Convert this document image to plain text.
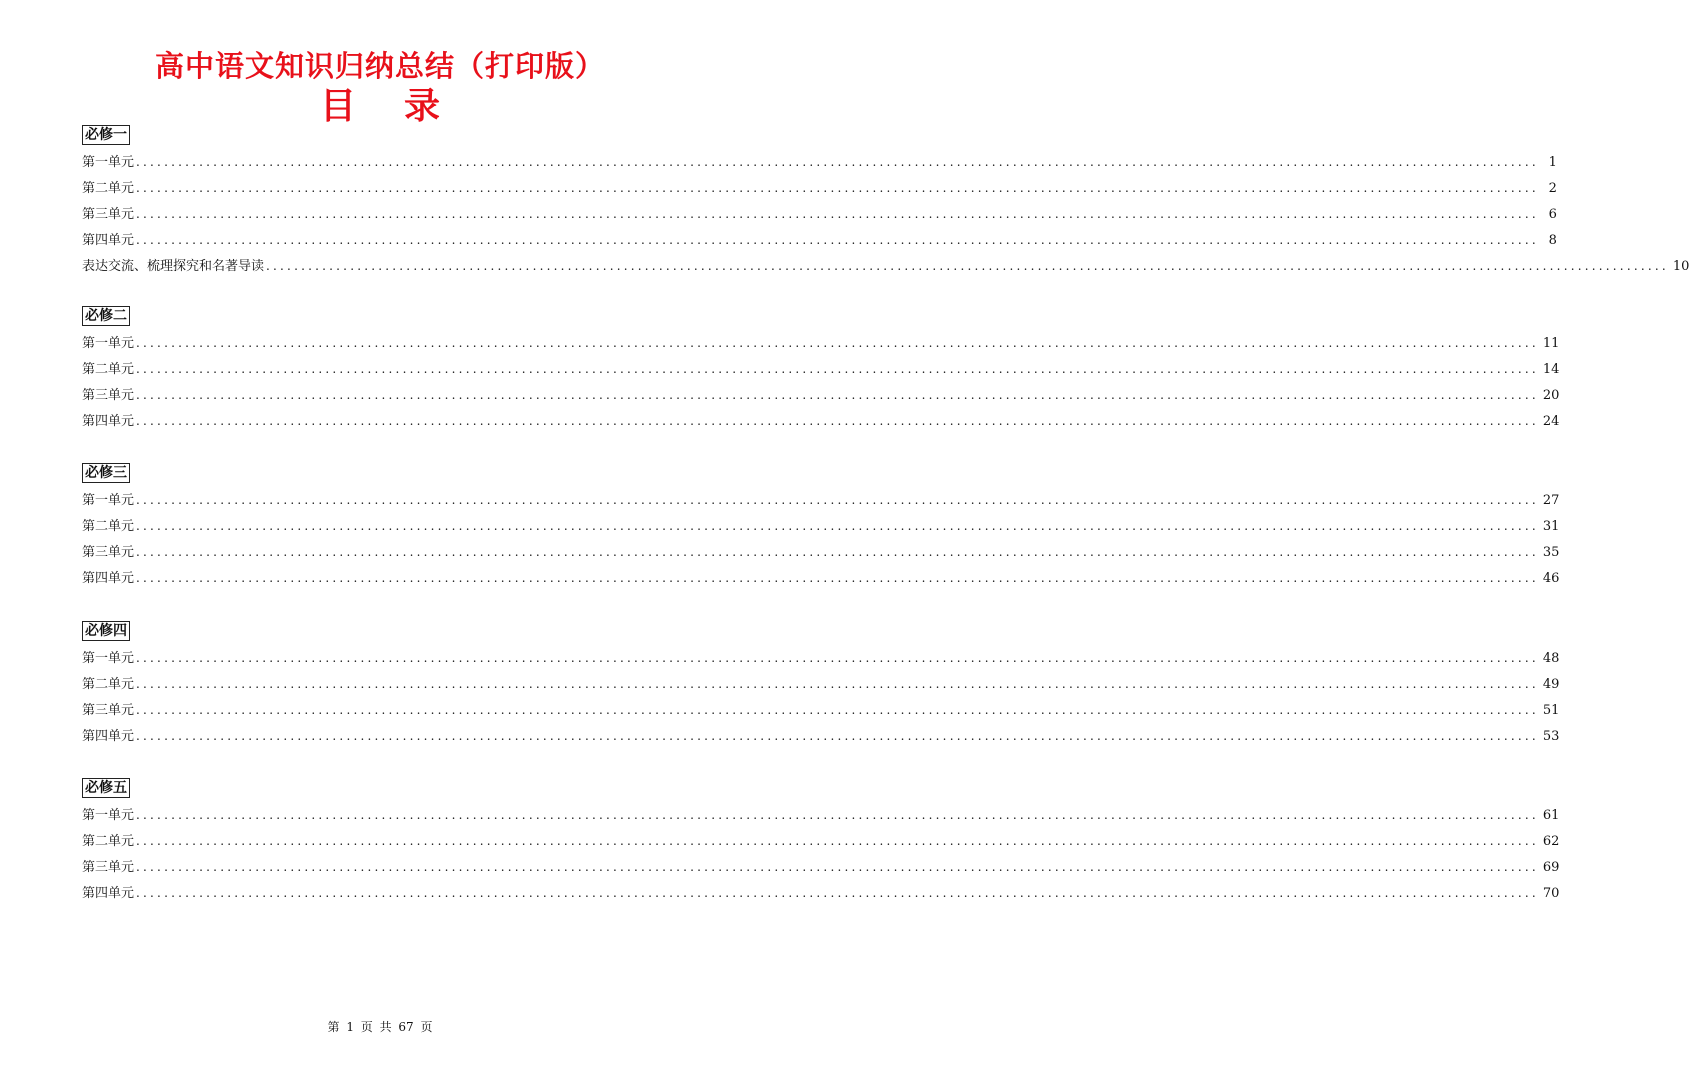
高中语文知识归纳总结（打印版）
目 录
必修一
第一单元 ........................................................................................................................................................................................................ 1
第二单元 ........................................................................................................................................................................................................ 2
第三单元 ........................................................................................................................................................................................................ 6
第四单元 ........................................................................................................................................................................................................ 8
表达交流、梳理探究和名著导读 ........................................................................................................................................................................................................ 10
必修二
第一单元 ........................................................................................................................................................................................................ 11
第二单元 ........................................................................................................................................................................................................ 14
第三单元 ........................................................................................................................................................................................................ 20
第四单元 ........................................................................................................................................................................................................ 24
必修三
第一单元 ........................................................................................................................................................................................................ 27
第二单元 ........................................................................................................................................................................................................ 31
第三单元 ........................................................................................................................................................................................................ 35
第四单元 ........................................................................................................................................................................................................ 46
必修四
第一单元 ........................................................................................................................................................................................................ 48
第二单元 ........................................................................................................................................................................................................ 49
第三单元 ........................................................................................................................................................................................................ 51
第四单元 ........................................................................................................................................................................................................ 53
必修五
第一单元 ........................................................................................................................................................................................................ 61
第二单元 ........................................................................................................................................................................................................ 62
第三单元 ........................................................................................................................................................................................................ 69
第四单元 ........................................................................................................................................................................................................ 70
第 1 页 共 67 页
